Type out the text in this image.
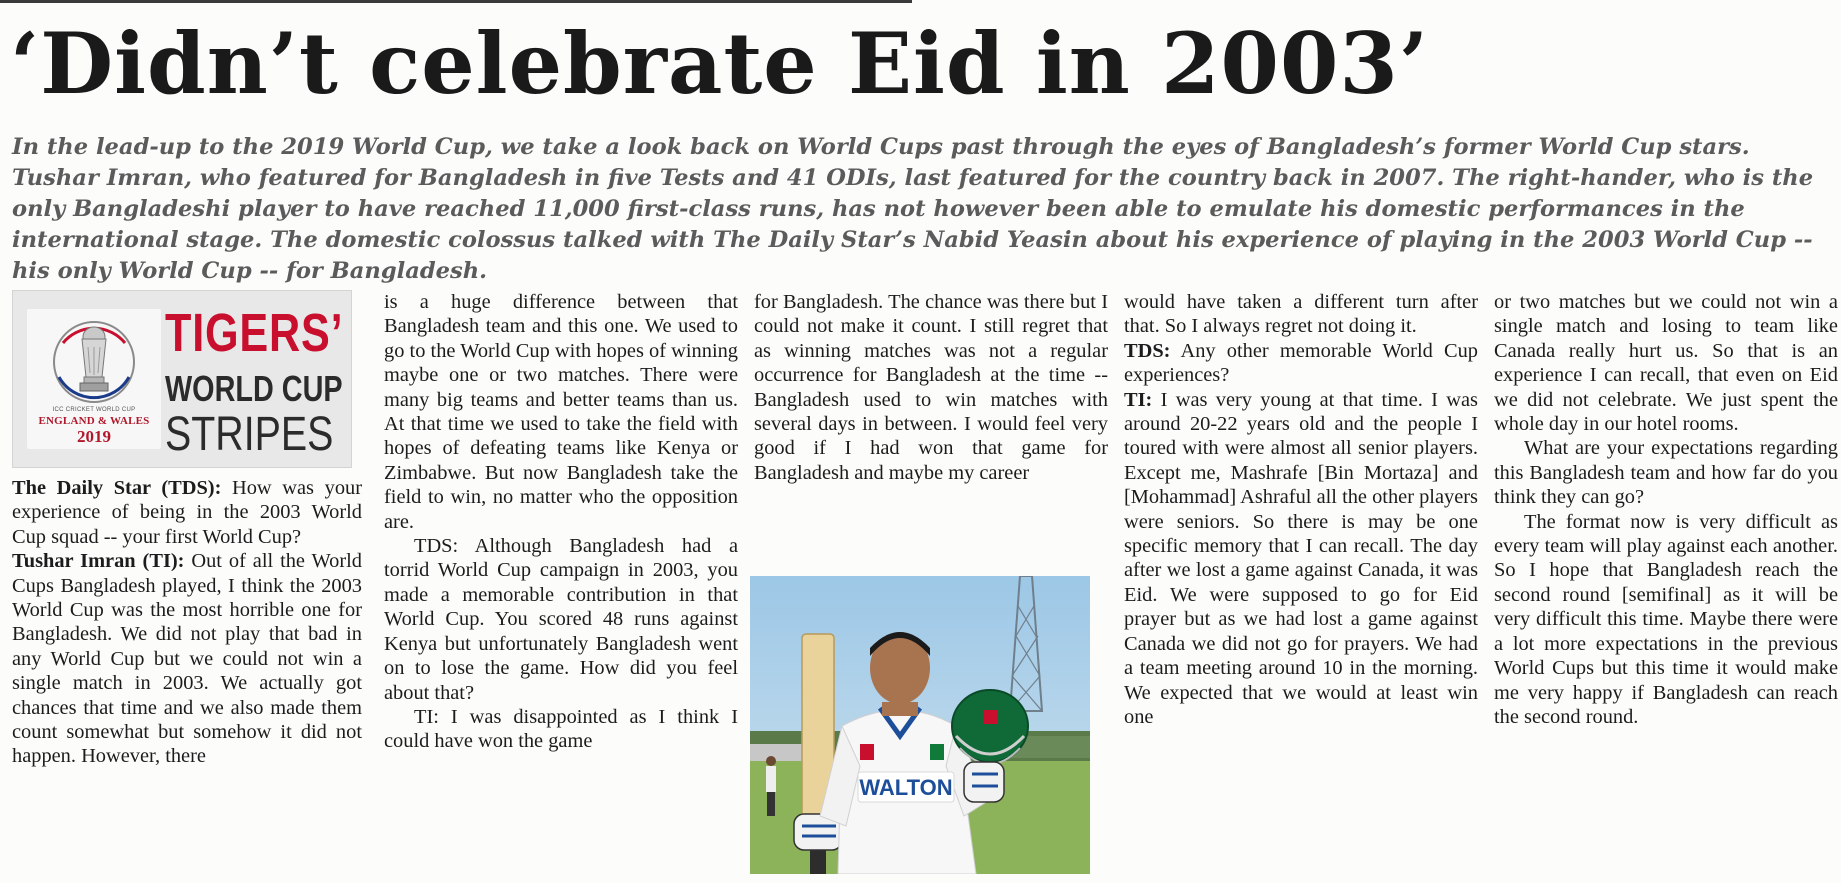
‘Didn’t celebrate Eid in 2003’
In the lead-up to the 2019 World Cup, we take a look back on World Cups past through the eyes of Bangladesh’s former World Cup stars. Tushar Imran, who featured for Bangladesh in five Tests and 41 ODIs, last featured for the country back in 2007. The right-hander, who is the only Bangladeshi player to have reached 11,000 first-class runs, has not however been able to emulate his domestic performances in the international stage. The domestic colossus talked with The Daily Star’s Nabid Yeasin about his experience of playing in the 2003 World Cup -- his only World Cup -- for Bangladesh.
ICC CRICKET WORLD CUP
ENGLAND & WALES
2019
TIGERS’
WORLD CUP
STRIPES

The Daily Star (TDS): How was your experience of being in the 2003 World Cup squad -- your first World Cup?

Tushar Imran (TI): Out of all the World Cups Bangladesh played, I think the 2003 World Cup was the most horrible one for Bangladesh. We did not play that bad in any World Cup but we could not win a single match in 2003. We actually got chances that time and we also made them count somewhat but somehow it did not happen. However, there

is a huge difference between that Bangladesh team and this one. We used to go to the World Cup with hopes of winning maybe one or two matches. There were many big teams and better teams than us. At that time we used to take the field with hopes of defeating teams like Kenya or Zimbabwe. But now Bangladesh take the field to win, no matter who the opposition are.

TDS: Although Bangladesh had a torrid World Cup campaign in 2003, you made a memorable contribution in that World Cup. You scored 48 runs against Kenya but unfortunately Bangladesh went on to lose the game. How did you feel about that?

TI: I was disappointed as I think I could have won the game

for Bangladesh. The chance was there but I could not make it count. I still regret that as winning matches was not a regular occurrence for Bangladesh at the time -- Bangladesh used to win matches with several days in between. I would feel very good if I had won that game for Bangladesh and maybe my career

would have taken a different turn after that. So I always regret not doing it.

TDS: Any other memorable World Cup experiences?

TI: I was very young at that time. I was around 20-22 years old and the people I toured with were almost all senior players. Except me, Mashrafe [Bin Mortaza] and [Mohammad] Ashraful all the other players were seniors. So there is may be one specific memory that I can recall. The day after we lost a game against Canada, it was Eid. We were supposed to go for Eid prayer but as we had lost a game against Canada we did not go for prayers. We had a team meeting around 10 in the morning. We expected that we would at least win one

or two matches but we could not win a single match and losing to team like Canada really hurt us. So that is an experience I can recall, that even on Eid we did not celebrate. We just spent the whole day in our hotel rooms.

What are your expectations regarding this Bangladesh team and how far do you think they can go?

The format now is very difficult as every team will play against each another. So I hope that Bangladesh reach the second round [semifinal] as it will be very difficult this time. Maybe there were a lot more expectations in the previous World Cups but this time it would make me very happy if Bangladesh can reach the second round.

WALTON
